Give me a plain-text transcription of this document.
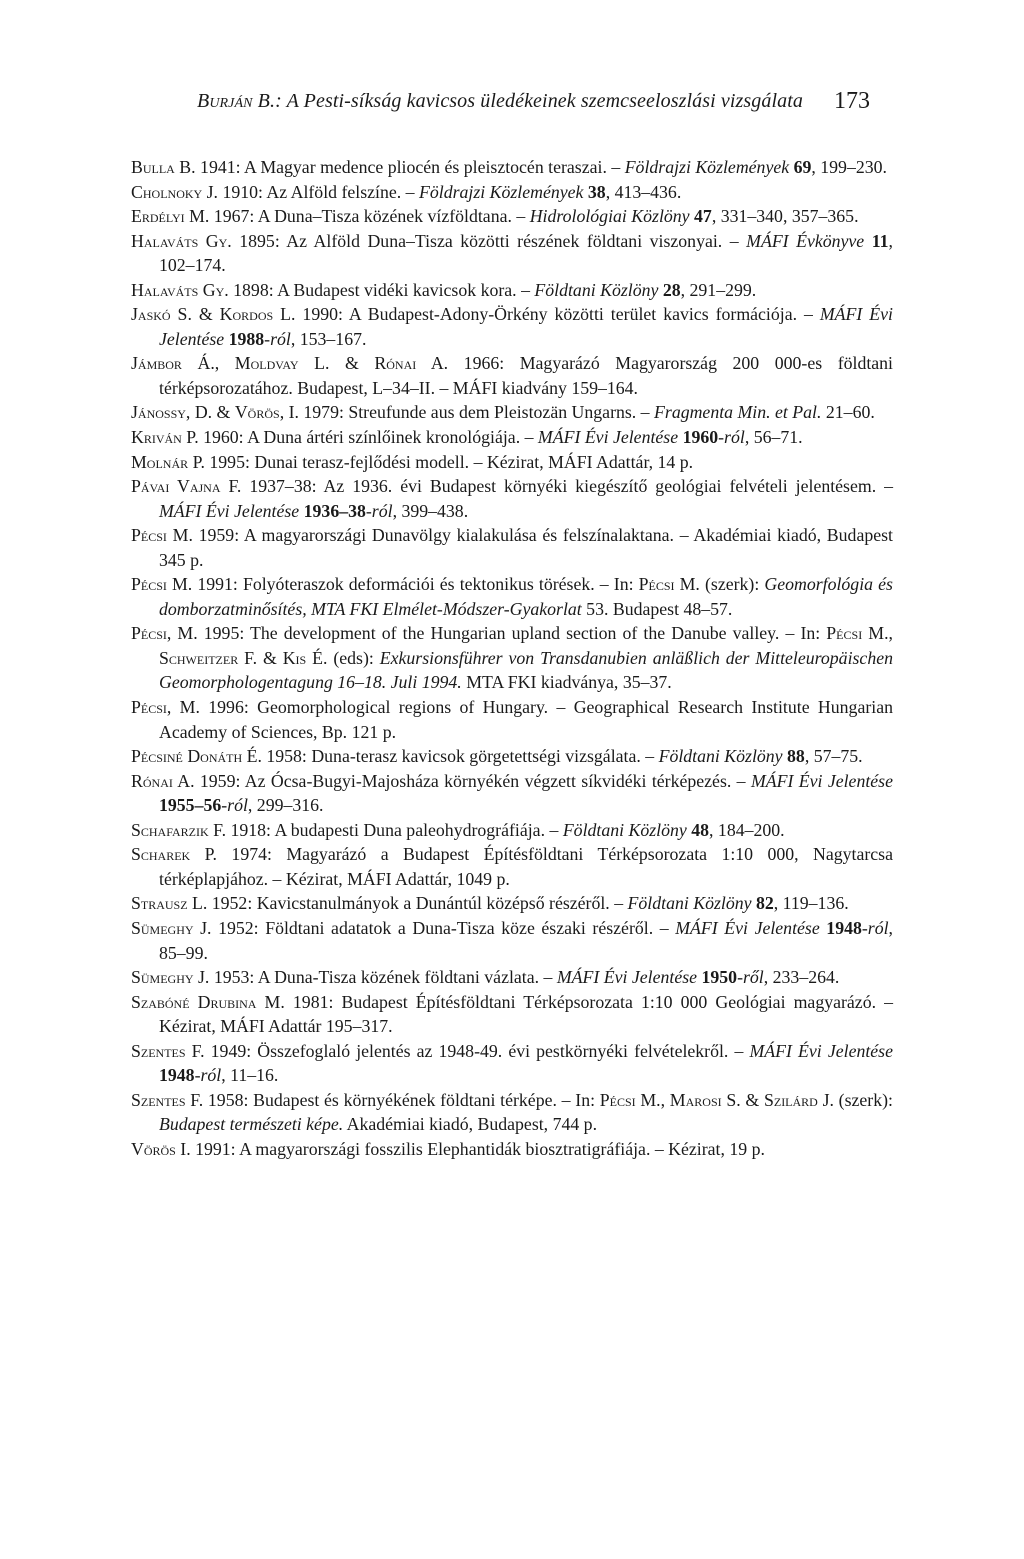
Burján B.: A Pesti-síkság kavicsos üledékeinek szemcseeloszlási vizsgálata 173
Bulla B. 1941: A Magyar medence pliocén és pleisztocén teraszai. – Földrajzi Közlemények 69, 199–230.
Cholnoky J. 1910: Az Alföld felszíne. – Földrajzi Közlemények 38, 413–436.
Erdélyi M. 1967: A Duna–Tisza közének vízföldtana. – Hidrolológiai Közlöny 47, 331–340, 357–365.
Halaváts Gy. 1895: Az Alföld Duna–Tisza közötti részének földtani viszonyai. – MÁFI Évkönyve 11, 102–174.
Halaváts Gy. 1898: A Budapest vidéki kavicsok kora. – Földtani Közlöny 28, 291–299.
Jaskó S. & Kordos L. 1990: A Budapest-Adony-Örkény közötti terület kavics formációja. – MÁFI Évi Jelentése 1988-ról, 153–167.
Jámbor Á., Moldvay L. & Rónai A. 1966: Magyarázó Magyarország 200 000-es földtani térképsorozatához. Budapest, L–34–II. – MÁFI kiadvány 159–164.
Jánossy, D. & Vörös, I. 1979: Streufunde aus dem Pleistozän Ungarns. – Fragmenta Min. et Pal. 21–60.
Kriván P. 1960: A Duna ártéri színlőinek kronológiája. – MÁFI Évi Jelentése 1960-ról, 56–71.
Molnár P. 1995: Dunai terasz-fejlődési modell. – Kézirat, MÁFI Adattár, 14 p.
Pávai Vajna F. 1937–38: Az 1936. évi Budapest környéki kiegészítő geológiai felvételi jelentésem. – MÁFI Évi Jelentése 1936–38-ról, 399–438.
Pécsi M. 1959: A magyarországi Dunavölgy kialakulása és felszínalaktana. – Akadémiai kiadó, Budapest 345 p.
Pécsi M. 1991: Folyóteraszok deformációi és tektonikus törések. – In: Pécsi M. (szerk): Geomorfológia és domborzatminősítés, MTA FKI Elmélet-Módszer-Gyakorlat 53. Budapest 48–57.
Pécsi, M. 1995: The development of the Hungarian upland section of the Danube valley. – In: Pécsi M., Schweitzer F. & Kis É. (eds): Exkursionsführer von Transdanubien anläßlich der Mitteleuropäischen Geomorphologentagung 16–18. Juli 1994. MTA FKI kiadványa, 35–37.
Pécsi, M. 1996: Geomorphological regions of Hungary. – Geographical Research Institute Hungarian Academy of Sciences, Bp. 121 p.
Pécsiné Donáth É. 1958: Duna-terasz kavicsok görgetettségi vizsgálata. – Földtani Közlöny 88, 57–75.
Rónai A. 1959: Az Ócsa-Bugyi-Majosháza környékén végzett síkvidéki térképezés. – MÁFI Évi Jelentése 1955–56-ról, 299–316.
Schafarzik F. 1918: A budapesti Duna paleohydrográfiája. – Földtani Közlöny 48, 184–200.
Scharek P. 1974: Magyarázó a Budapest Építésföldtani Térképsorozata 1:10 000, Nagytarcsa térképlapjához. – Kézirat, MÁFI Adattár, 1049 p.
Strausz L. 1952: Kavicstanulmányok a Dunántúl középső részéről. – Földtani Közlöny 82, 119–136.
Sümeghy J. 1952: Földtani adatatok a Duna-Tisza köze északi részéről. – MÁFI Évi Jelentése 1948-ról, 85–99.
Sümeghy J. 1953: A Duna-Tisza közének földtani vázlata. – MÁFI Évi Jelentése 1950-ről, 233–264.
Szabóné Drubina M. 1981: Budapest Építésföldtani Térképsorozata 1:10 000 Geológiai magyarázó. – Kézirat, MÁFI Adattár 195–317.
Szentes F. 1949: Összefoglaló jelentés az 1948-49. évi pestkörnyéki felvételekről. – MÁFI Évi Jelentése 1948-ról, 11–16.
Szentes F. 1958: Budapest és környékének földtani térképe. – In: Pécsi M., Marosi S. & Szilárd J. (szerk): Budapest természeti képe. Akadémiai kiadó, Budapest, 744 p.
Vörös I. 1991: A magyarországi fosszilis Elephantidák biosztratigráfiája. – Kézirat, 19 p.
